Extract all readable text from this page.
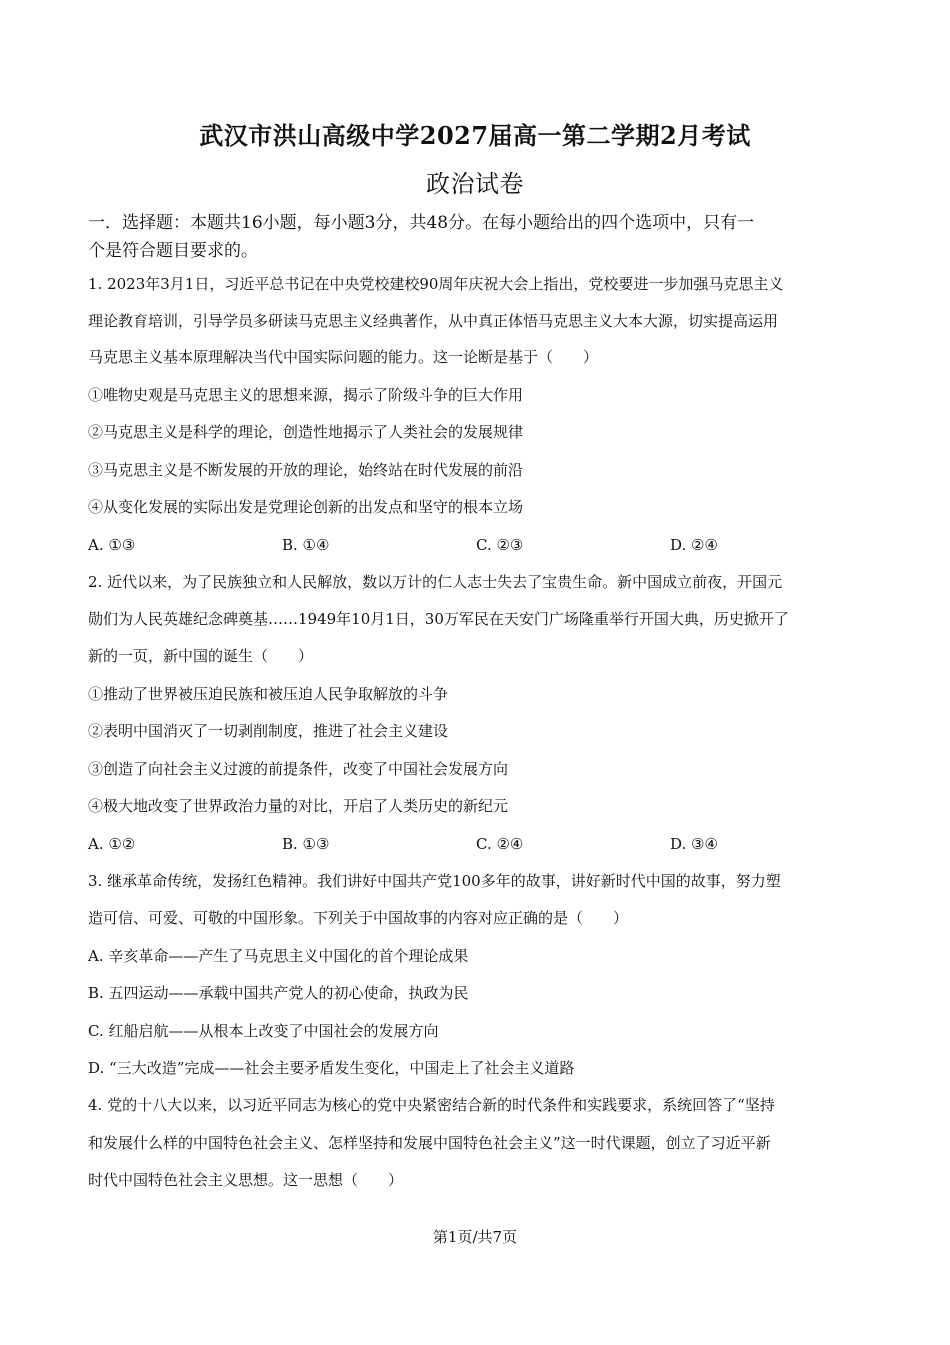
武汉市洪山高级中学2027届高一第二学期2月考试
政治试卷
一．选择题：本题共16小题，每小题3分，共48分。在每小题给出的四个选项中，只有一
个是符合题目要求的。
1. 2023年3月1日，习近平总书记在中央党校建校90周年庆祝大会上指出，党校要进一步加强马克思主义
理论教育培训，引导学员多研读马克思主义经典著作，从中真正体悟马克思主义大本大源，切实提高运用
马克思主义基本原理解决当代中国实际问题的能力。这一论断是基于（　　）
①唯物史观是马克思主义的思想来源，揭示了阶级斗争的巨大作用
②马克思主义是科学的理论，创造性地揭示了人类社会的发展规律
③马克思主义是不断发展的开放的理论，始终站在时代发展的前沿
④从变化发展的实际出发是党理论创新的出发点和坚守的根本立场
A. ①③	B. ①④	C. ②③	D. ②④
2. 近代以来，为了民族独立和人民解放，数以万计的仁人志士失去了宝贵生命。新中国成立前夜，开国元
勋们为人民英雄纪念碑奠基……1949年10月1日，30万军民在天安门广场隆重举行开国大典，历史掀开了
新的一页，新中国的诞生（　　）
①推动了世界被压迫民族和被压迫人民争取解放的斗争
②表明中国消灭了一切剥削制度，推进了社会主义建设
③创造了向社会主义过渡的前提条件，改变了中国社会发展方向
④极大地改变了世界政治力量的对比，开启了人类历史的新纪元
A. ①②	B. ①③	C. ②④	D. ③④
3. 继承革命传统，发扬红色精神。我们讲好中国共产党100多年的故事，讲好新时代中国的故事，努力塑
造可信、可爱、可敬的中国形象。下列关于中国故事的内容对应正确的是（　　）
A. 辛亥革命——产生了马克思主义中国化的首个理论成果
B. 五四运动——承载中国共产党人的初心使命，执政为民
C. 红船启航——从根本上改变了中国社会的发展方向
D. “三大改造”完成——社会主要矛盾发生变化，中国走上了社会主义道路
4. 党的十八大以来，以习近平同志为核心的党中央紧密结合新的时代条件和实践要求，系统回答了“坚持
和发展什么样的中国特色社会主义、怎样坚持和发展中国特色社会主义”这一时代课题，创立了习近平新
时代中国特色社会主义思想。这一思想（　　）
第1页/共7页
